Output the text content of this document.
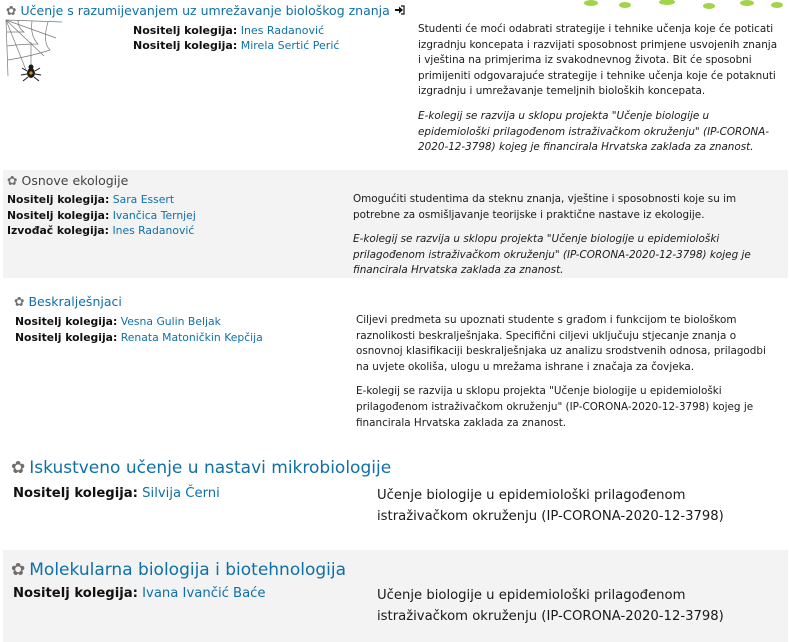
✿ Učenje s razumijevanjem uz umrežavanje biološkog znanja
Nositelj kolegija: Ines Radanović
Nositelj kolegija: Mirela Sertić Perić

Studenti će moći odabrati strategije i tehnike učenja koje će poticati izgradnju koncepata i razvijati sposobnost primjene usvojenih znanja i vještina na primjerima iz svakodnevnog života. Bit će sposobni primijeniti odgovarajuće strategije i tehnike učenja koje će potaknuti izgradnju i umrežavanje temeljnih bioloških koncepata.

E-kolegij se razvija u sklopu projekta "Učenje biologije u epidemiološki prilagođenom istraživačkom okruženju" (IP-CORONA-2020-12-3798) kojeg je financirala Hrvatska zaklada za znanost.

✿ Osnove ekologije
Nositelj kolegija: Sara Essert
Nositelj kolegija: Ivančica Ternjej
Izvođač kolegija: Ines Radanović

Omogućiti studentima da steknu znanja, vještine i sposobnosti koje su im potrebne za osmišljavanje teorijske i praktične nastave iz ekologije.

E-kolegij se razvija u sklopu projekta "Učenje biologije u epidemiološki prilagođenom istraživačkom okruženju" (IP-CORONA-2020-12-3798) kojeg je financirala Hrvatska zaklada za znanost.

✿ Beskralješnjaci
Nositelj kolegija: Vesna Gulin Beljak
Nositelj kolegija: Renata Matoničkin Kepčija

Ciljevi predmeta su upoznati studente s građom i funkcijom te biološkom raznolikosti beskralješnjaka. Specifični ciljevi uključuju stjecanje znanja o osnovnoj klasifikaciji beskralješnjaka uz analizu srodstvenih odnosa, prilagodbi na uvjete okoliša, ulogu u mrežama ishrane i značaja za čovjeka.

E-kolegij se razvija u sklopu projekta "Učenje biologije u epidemiološki prilagođenom istraživačkom okruženju" (IP-CORONA-2020-12-3798) kojeg je financirala Hrvatska zaklada za znanost.

✿ Iskustveno učenje u nastavi mikrobiologije
Nositelj kolegija: Silvija Černi	Učenje biologije u epidemiološki prilagođenom istraživačkom okruženju (IP-CORONA-2020-12-3798)

✿ Molekularna biologija i biotehnologija
Nositelj kolegija: Ivana Ivančić Baće	Učenje biologije u epidemiološki prilagođenom istraživačkom okruženju (IP-CORONA-2020-12-3798)
